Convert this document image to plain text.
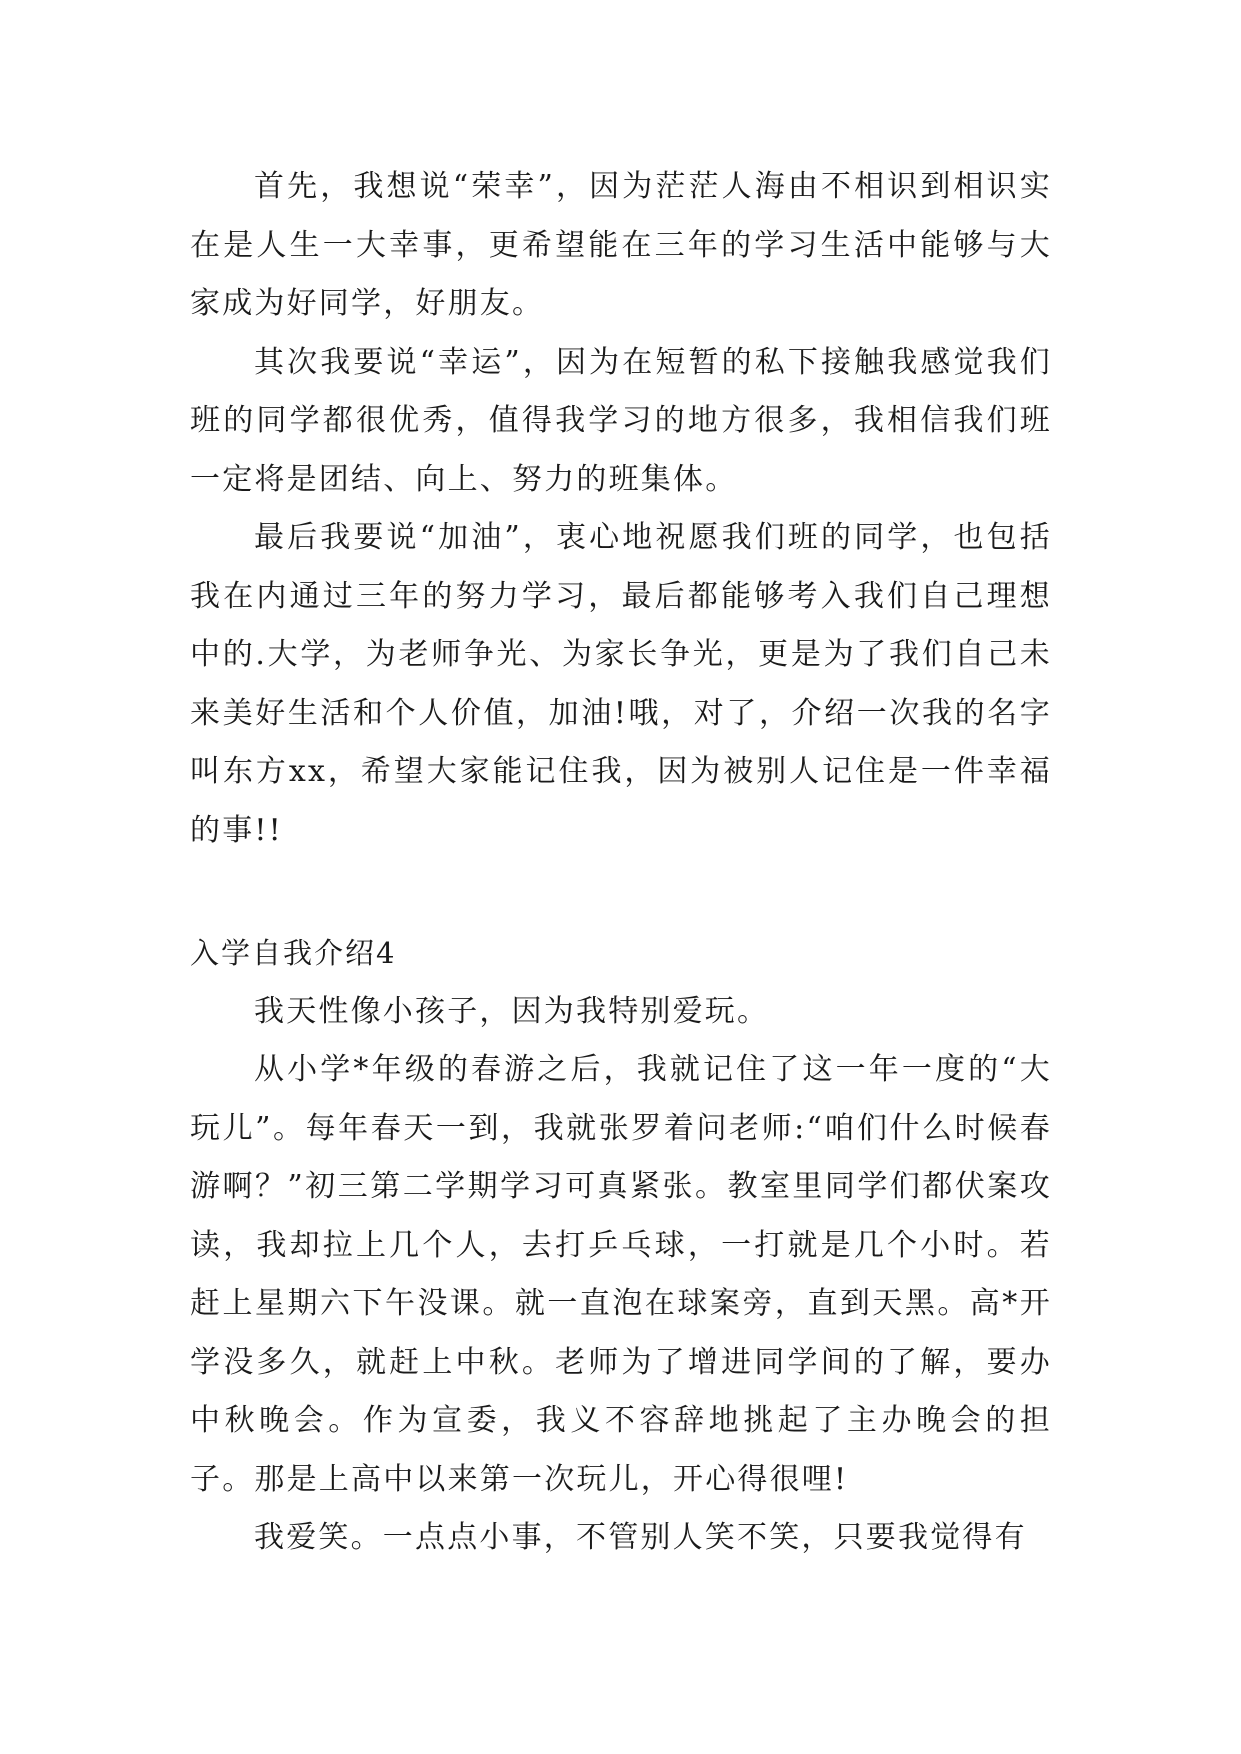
首先，我想说“荣幸”，因为茫茫人海由不相识到相识实在是人生一大幸事，更希望能在三年的学习生活中能够与大家成为好同学，好朋友。

其次我要说“幸运”，因为在短暂的私下接触我感觉我们班的同学都很优秀，值得我学习的地方很多，我相信我们班一定将是团结、向上、努力的班集体。

最后我要说“加油”，衷心地祝愿我们班的同学，也包括我在内通过三年的努力学习，最后都能够考入我们自己理想中的.大学，为老师争光、为家长争光，更是为了我们自己未来美好生活和个人价值，加油!哦，对了，介绍一次我的名字叫东方xx，希望大家能记住我，因为被别人记住是一件幸福的事!!

入学自我介绍4

我天性像小孩子，因为我特别爱玩。

从小学*年级的春游之后，我就记住了这一年一度的“大玩儿”。每年春天一到，我就张罗着问老师:“咱们什么时候春游啊？”初三第二学期学习可真紧张。教室里同学们都伏案攻读，我却拉上几个人，去打乒乓球，一打就是几个小时。若赶上星期六下午没课。就一直泡在球案旁，直到天黑。高*开学没多久，就赶上中秋。老师为了增进同学间的了解，要办中秋晚会。作为宣委，我义不容辞地挑起了主办晚会的担子。那是上高中以来第一次玩儿，开心得很哩!

我爱笑。一点点小事，不管别人笑不笑，只要我觉得有
